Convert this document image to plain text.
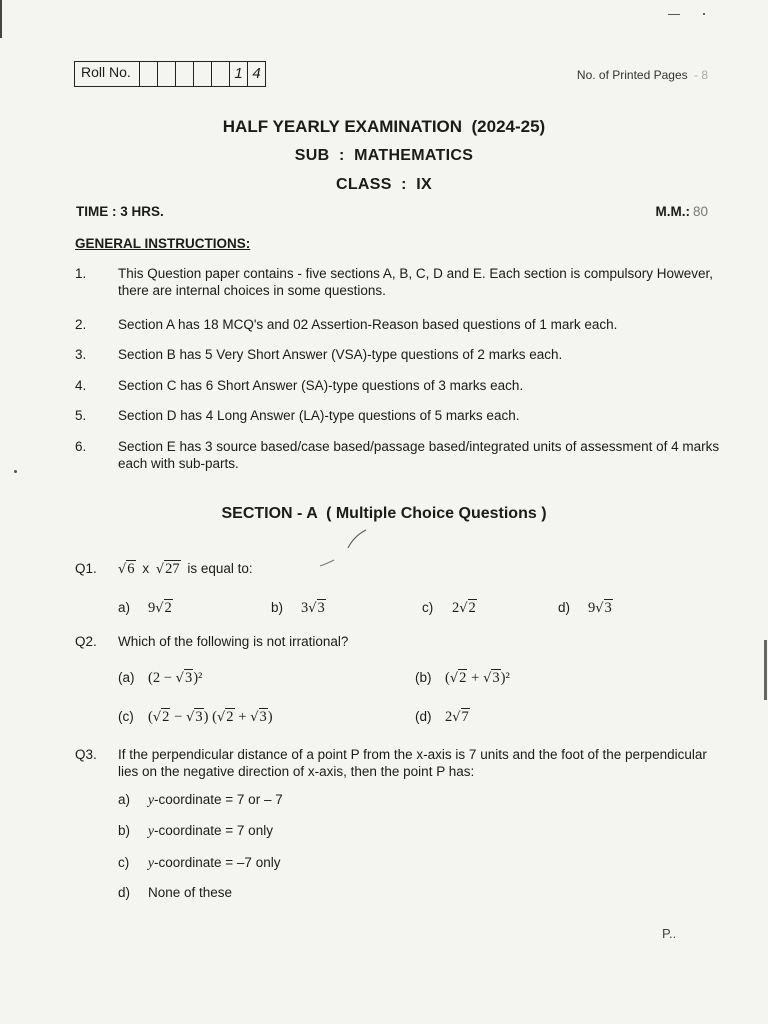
Roll No.	1 4	No. of Printed Pages - 8
HALF YEARLY EXAMINATION  (2024-25)
SUB  :  MATHEMATICS
CLASS  :  IX
TIME : 3 HRS.	M.M.: 80
GENERAL INSTRUCTIONS:
1.	This Question paper contains - five sections A, B, C, D and E. Each section is compulsory However, there are internal choices in some questions.
2.	Section A has 18 MCQ's and 02 Assertion-Reason based questions of 1 mark each.
3.	Section B has 5 Very Short Answer (VSA)-type questions of 2 marks each.
4.	Section C has 6 Short Answer (SA)-type questions of 3 marks each.
5.	Section D has 4 Long Answer (LA)-type questions of 5 marks each.
6.	Section E has 3 source based/case based/passage based/integrated units of assessment of 4 marks each with sub-parts.
SECTION - A  ( Multiple Choice Questions )
Q1.	√6 x √27 is equal to:
a) 9√2	b) 3√3	c) 2√2	d) 9√3
Q2.	Which of the following is not irrational?
(a) (2 − √3)²	(b) (√2 + √3)²
(c) (√2 − √3) (√2 + √3)	(d) 2√7
Q3.	If the perpendicular distance of a point P from the x-axis is 7 units and the foot of the perpendicular lies on the negative direction of x-axis, then the point P has:
a) y-coordinate = 7 or – 7
b) y-coordinate = 7 only
c) y-coordinate = –7 only
d) None of these
P..
